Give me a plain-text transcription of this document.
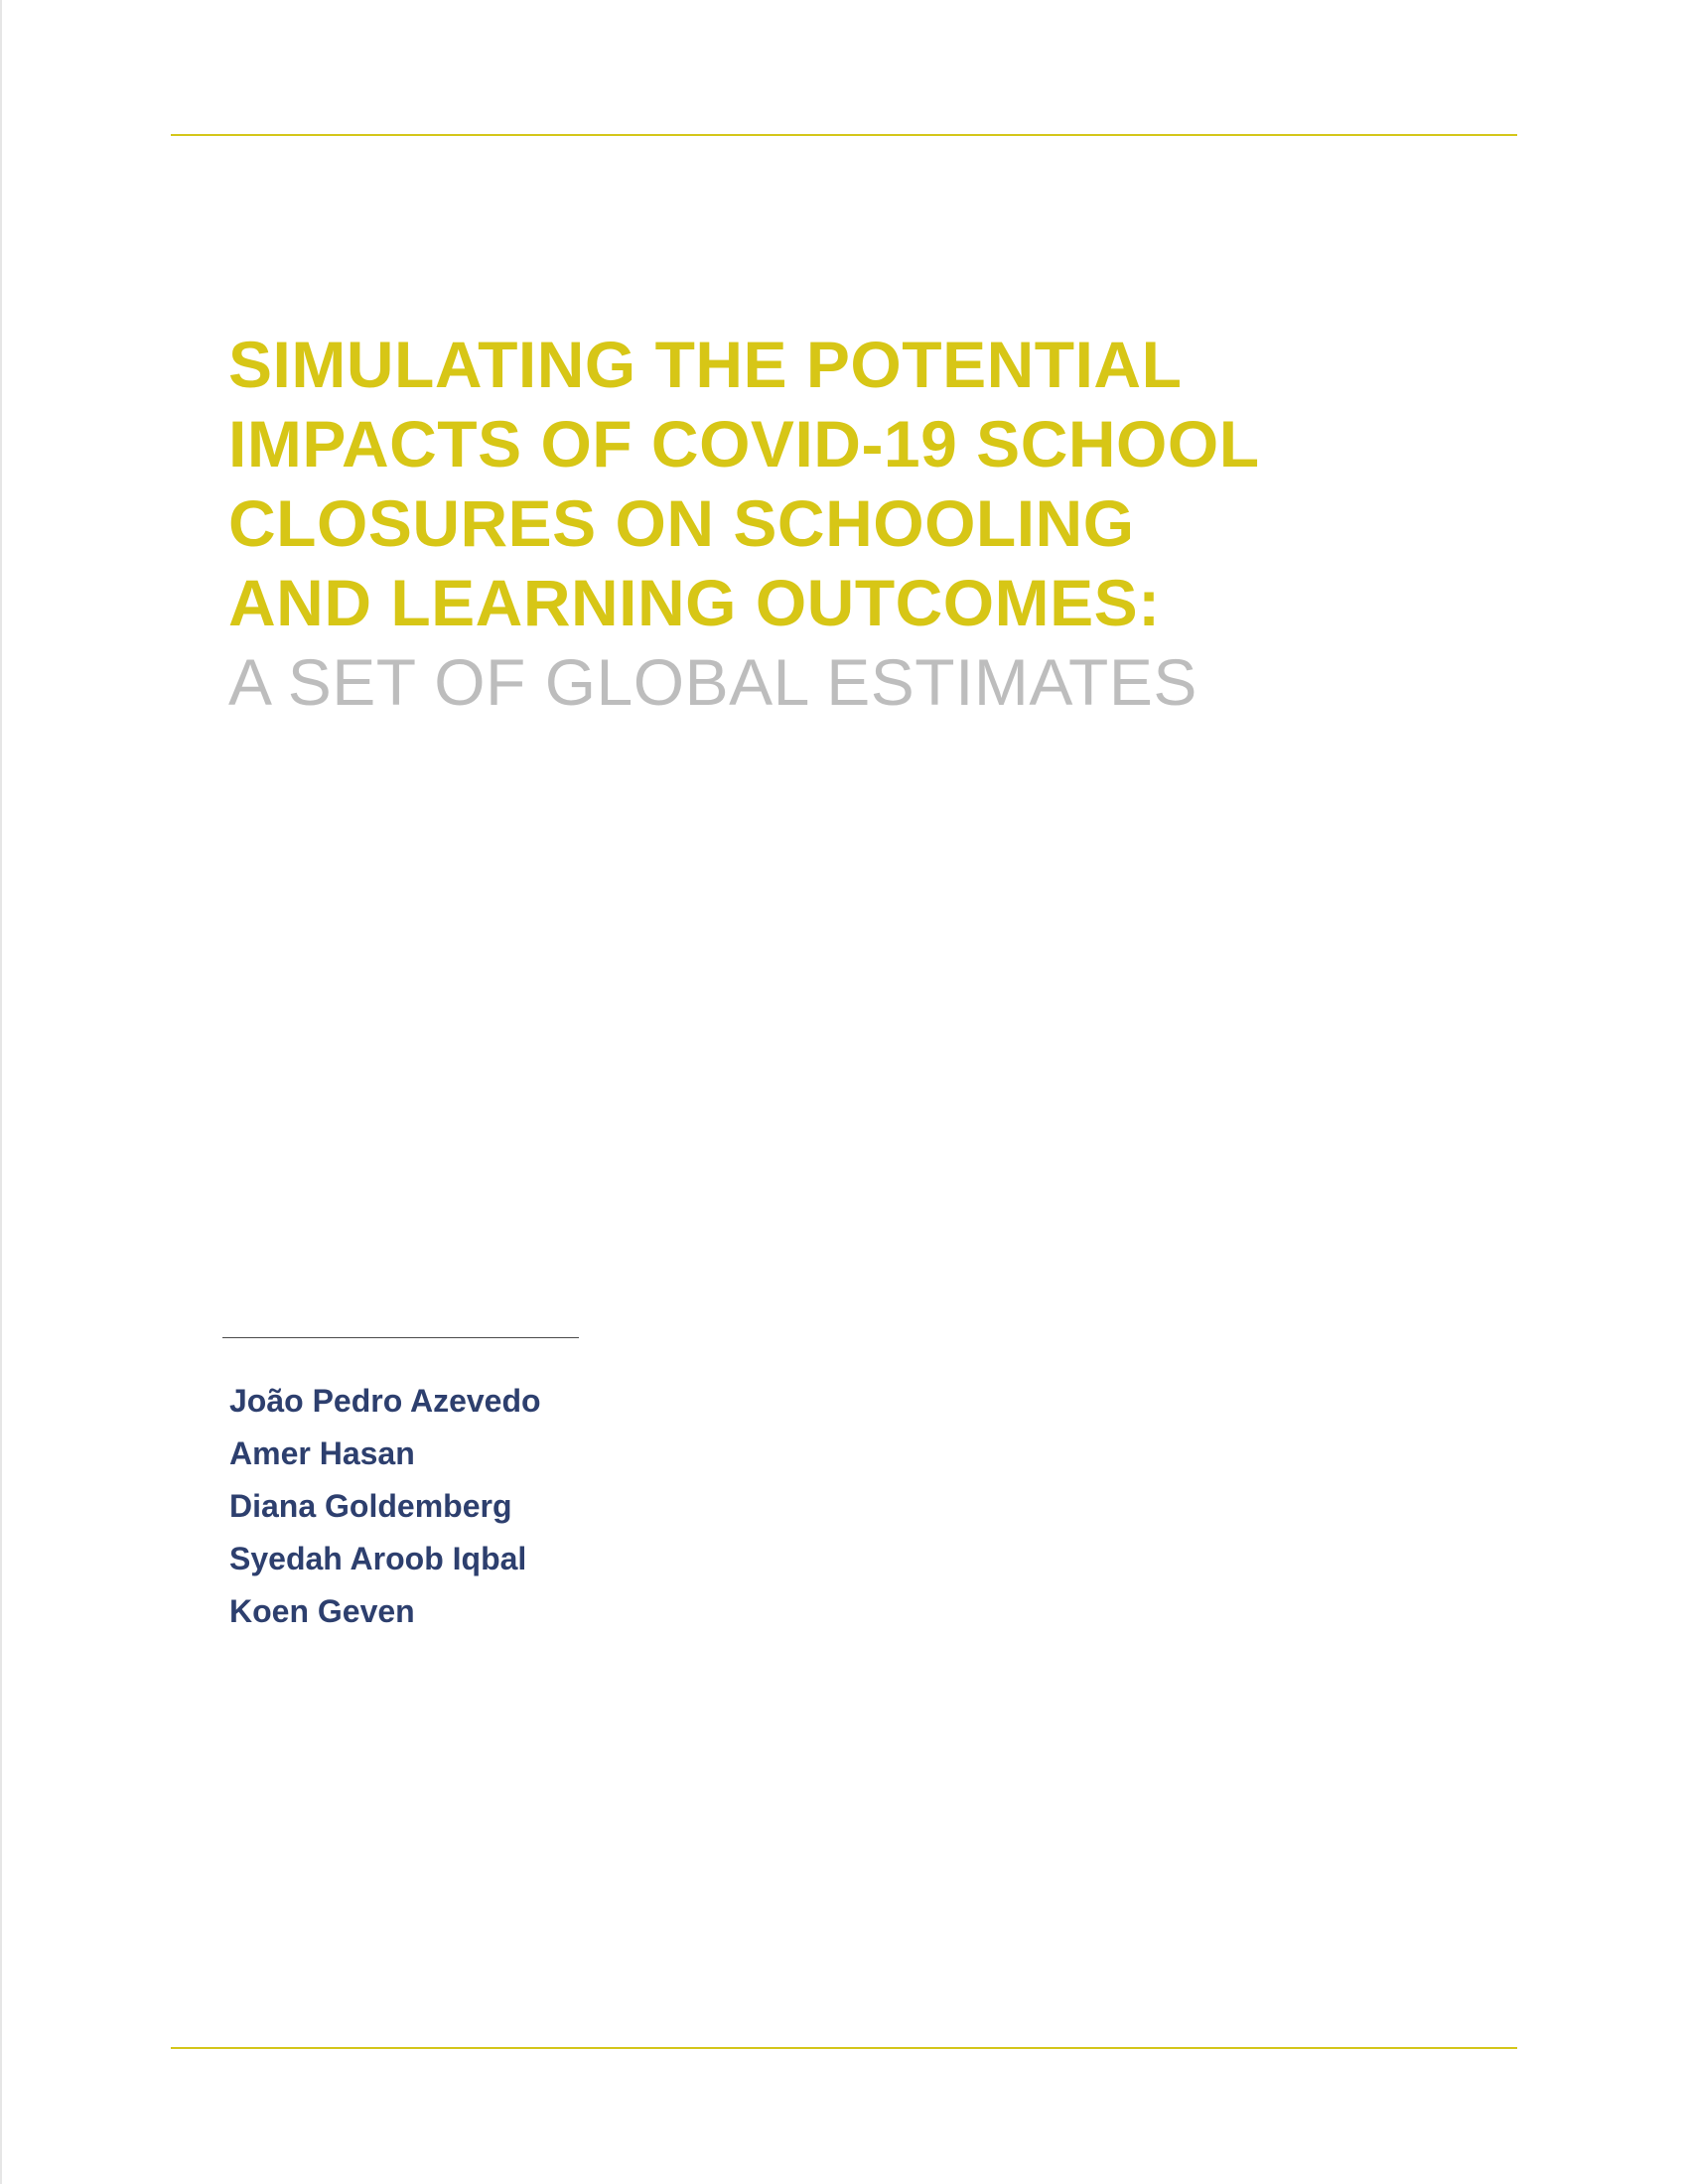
SIMULATING THE POTENTIAL
IMPACTS OF COVID-19 SCHOOL
CLOSURES ON SCHOOLING
AND LEARNING OUTCOMES:
A SET OF GLOBAL ESTIMATES
João Pedro Azevedo
Amer Hasan
Diana Goldemberg
Syedah Aroob Iqbal
Koen Geven
